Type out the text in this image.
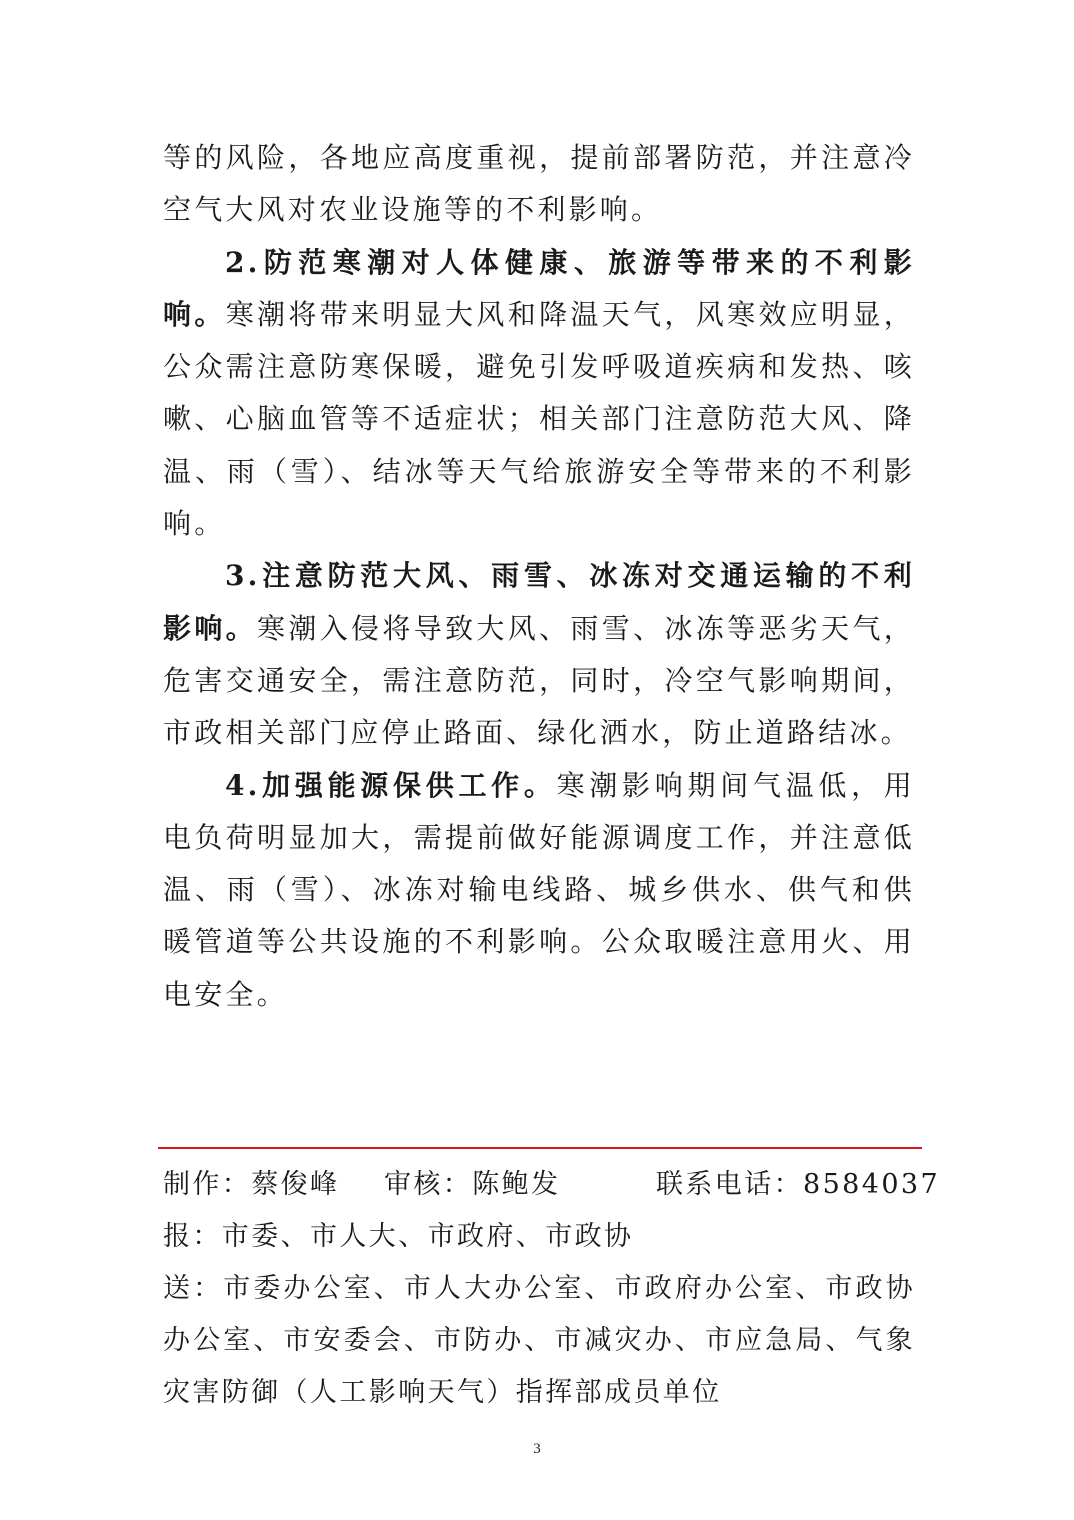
等的风险，各地应高度重视，提前部署防范，并注意冷空气大风对农业设施等的不利影响。

2.防范寒潮对人体健康、旅游等带来的不利影响。寒潮将带来明显大风和降温天气，风寒效应明显，公众需注意防寒保暖，避免引发呼吸道疾病和发热、咳嗽、心脑血管等不适症状；相关部门注意防范大风、降温、雨（雪）、结冰等天气给旅游安全等带来的不利影响。

3.注意防范大风、雨雪、冰冻对交通运输的不利影响。寒潮入侵将导致大风、雨雪、冰冻等恶劣天气，危害交通安全，需注意防范，同时，冷空气影响期间，市政相关部门应停止路面、绿化洒水，防止道路结冰。

4.加强能源保供工作。寒潮影响期间气温低，用电负荷明显加大，需提前做好能源调度工作，并注意低温、雨（雪）、冰冻对输电线路、城乡供水、供气和供暖管道等公共设施的不利影响。公众取暖注意用火、用电安全。

制作：蔡俊峰 审核：陈鲍发	联系电话：8584037

报：市委、市人大、市政府、市政协

送：市委办公室、市人大办公室、市政府办公室、市政协办公室、市安委会、市防办、市减灾办、市应急局、气象灾害防御（人工影响天气）指挥部成员单位

3
